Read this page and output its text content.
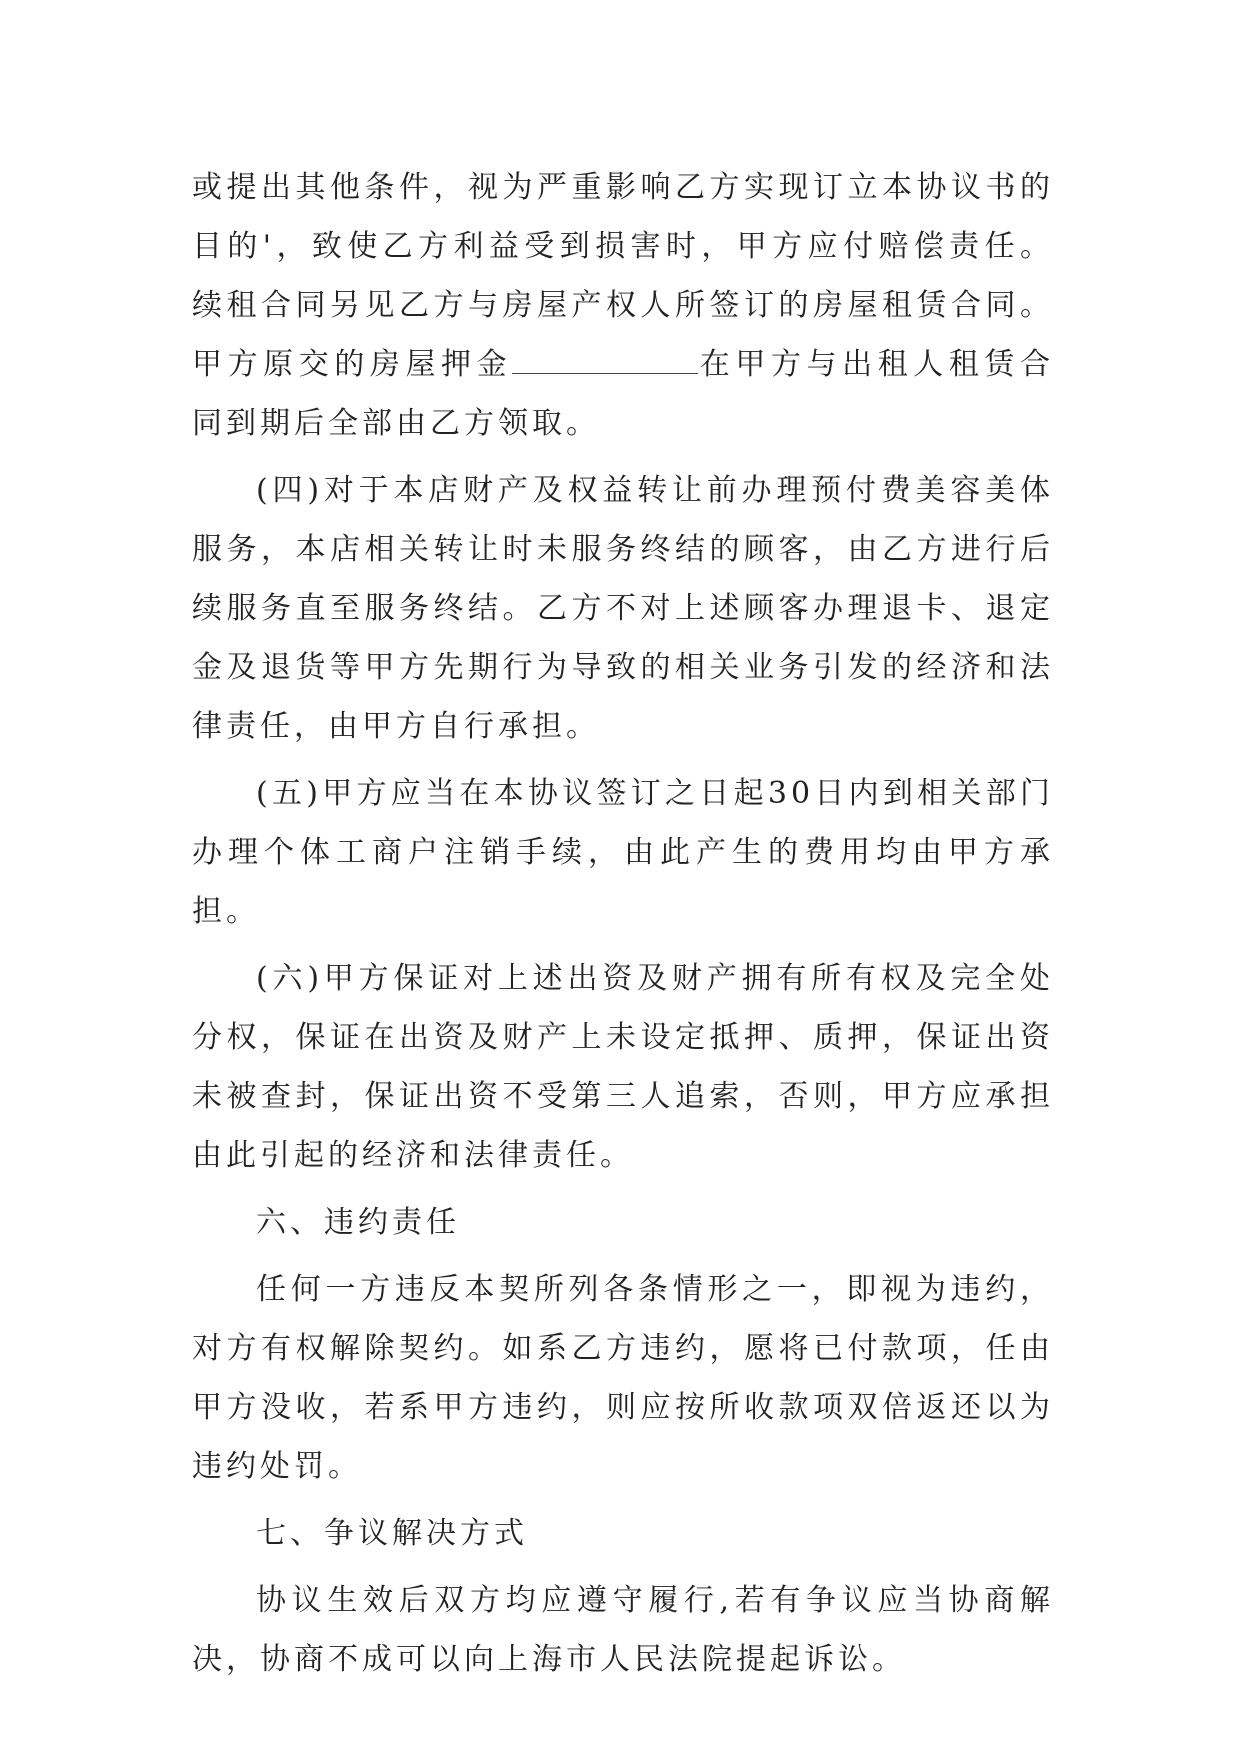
或提出其他条件，视为严重影响乙方实现订立本协议书的目的'，致使乙方利益受到损害时，甲方应付赔偿责任。续租合同另见乙方与房屋产权人所签订的房屋租赁合同。甲方原交的房屋押金	在甲方与出租人租赁合同到期后全部由乙方领取。

(四)对于本店财产及权益转让前办理预付费美容美体服务，本店相关转让时未服务终结的顾客，由乙方进行后续服务直至服务终结。乙方不对上述顾客办理退卡、退定金及退货等甲方先期行为导致的相关业务引发的经济和法律责任，由甲方自行承担。

(五)甲方应当在本协议签订之日起30日内到相关部门办理个体工商户注销手续，由此产生的费用均由甲方承担。

(六)甲方保证对上述出资及财产拥有所有权及完全处分权，保证在出资及财产上未设定抵押、质押，保证出资未被查封，保证出资不受第三人追索，否则，甲方应承担由此引起的经济和法律责任。

六、违约责任

任何一方违反本契所列各条情形之一，即视为违约，对方有权解除契约。如系乙方违约，愿将已付款项，任由甲方没收，若系甲方违约，则应按所收款项双倍返还以为违约处罚。

七、争议解决方式

协议生效后双方均应遵守履行,若有争议应当协商解决，协商不成可以向上海市人民法院提起诉讼。
